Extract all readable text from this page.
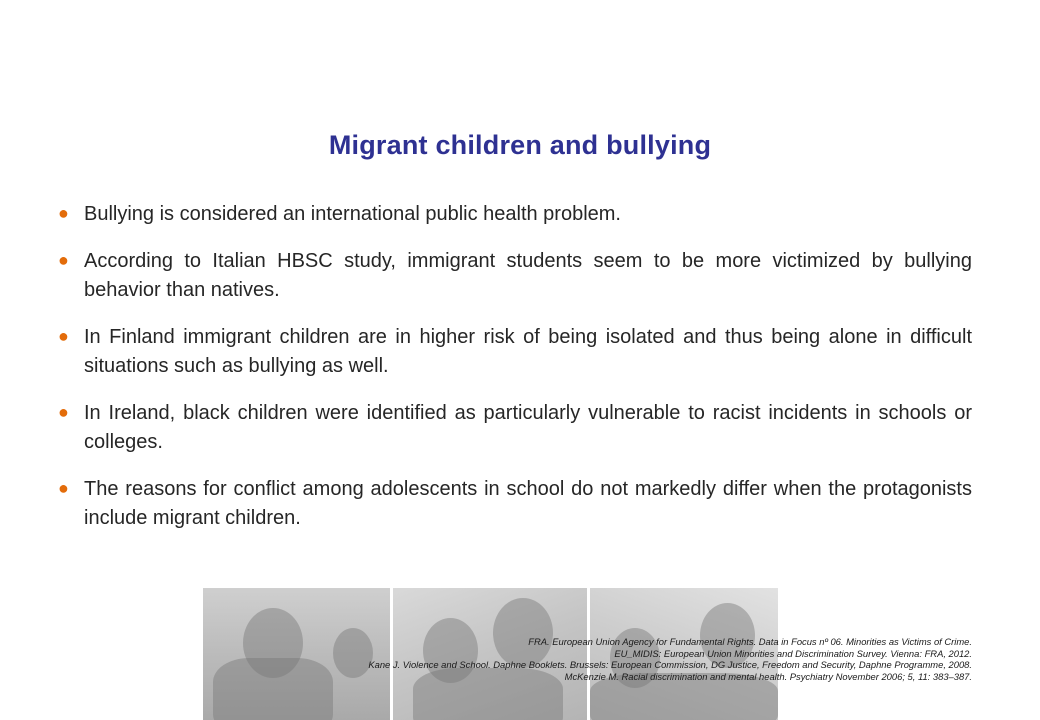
Migrant children and bullying
● Bullying is considered an international public health problem.
● According to Italian HBSC study, immigrant students seem to be more victimized by bullying behavior than natives.
● In Finland immigrant children are in higher risk of being isolated and thus being alone in difficult situations such as bullying as well.
● In Ireland, black children were identified as particularly vulnerable to racist incidents in schools or colleges.
● The reasons for conflict among adolescents in school do not markedly differ when the protagonists include migrant children.
FRA. European Union Agency for Fundamental Rights. Data in Focus nº 06. Minorities as Victims of Crime.
EU_MIDIS: European Union Minorities and Discrimination Survey. Vienna: FRA, 2012.
Kane J. Violence and School. Daphne Booklets. Brussels: European Commission, DG Justice, Freedom and Security, Daphne Programme, 2008.
McKenzie M. Racial discrimination and mental health. Psychiatry November 2006; 5, 11: 383–387.
